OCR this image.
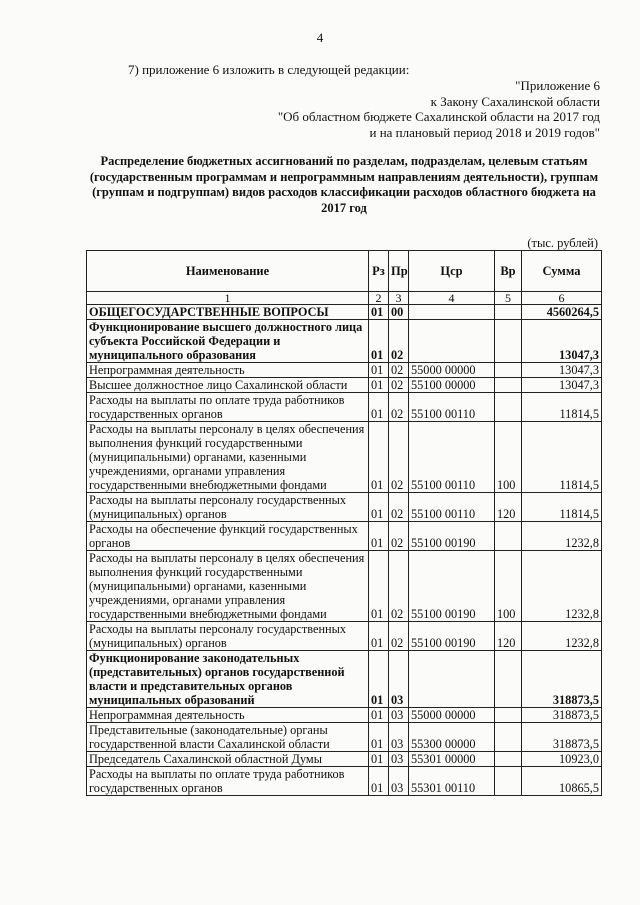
4
7) приложение 6 изложить в следующей редакции:
"Приложение 6
к Закону Сахалинской области
"Об областном бюджете Сахалинской области на 2017 год
и на плановый период 2018 и 2019 годов"
Распределение бюджетных ассигнований по разделам, подразделам, целевым статьям (государственным программам и непрограммным направлениям деятельности), группам (группам и подгруппам) видов расходов классификации расходов областного бюджета на 2017 год
(тыс. рублей)
Наименование	Рз	Пр	Цср	Вр	Сумма
1	2	3	4	5	6
ОБЩЕГОСУДАРСТВЕННЫЕ ВОПРОСЫ	01	00			4560264,5
Функционирование высшего должностного лица субъекта Российской Федерации и муниципального образования	01	02			13047,3
Непрограммная деятельность	01	02	55000 00000		13047,3
Высшее должностное лицо Сахалинской области	01	02	55100 00000		13047,3
Расходы на выплаты по оплате труда работников государственных органов	01	02	55100 00110		11814,5
Расходы на выплаты персоналу в целях обеспечения выполнения функций государственными (муниципальными) органами, казенными учреждениями, органами управления государственными внебюджетными фондами	01	02	55100 00110	100	11814,5
Расходы на выплаты персоналу государственных (муниципальных) органов	01	02	55100 00110	120	11814,5
Расходы на обеспечение функций государственных органов	01	02	55100 00190		1232,8
Расходы на выплаты персоналу в целях обеспечения выполнения функций государственными (муниципальными) органами, казенными учреждениями, органами управления государственными внебюджетными фондами	01	02	55100 00190	100	1232,8
Расходы на выплаты персоналу государственных (муниципальных) органов	01	02	55100 00190	120	1232,8
Функционирование законодательных (представительных) органов государственной власти и представительных органов муниципальных образований	01	03			318873,5
Непрограммная деятельность	01	03	55000 00000		318873,5
Представительные (законодательные) органы государственной власти Сахалинской области	01	03	55300 00000		318873,5
Председатель Сахалинской областной Думы	01	03	55301 00000		10923,0
Расходы на выплаты по оплате труда работников государственных органов	01	03	55301 00110		10865,5
